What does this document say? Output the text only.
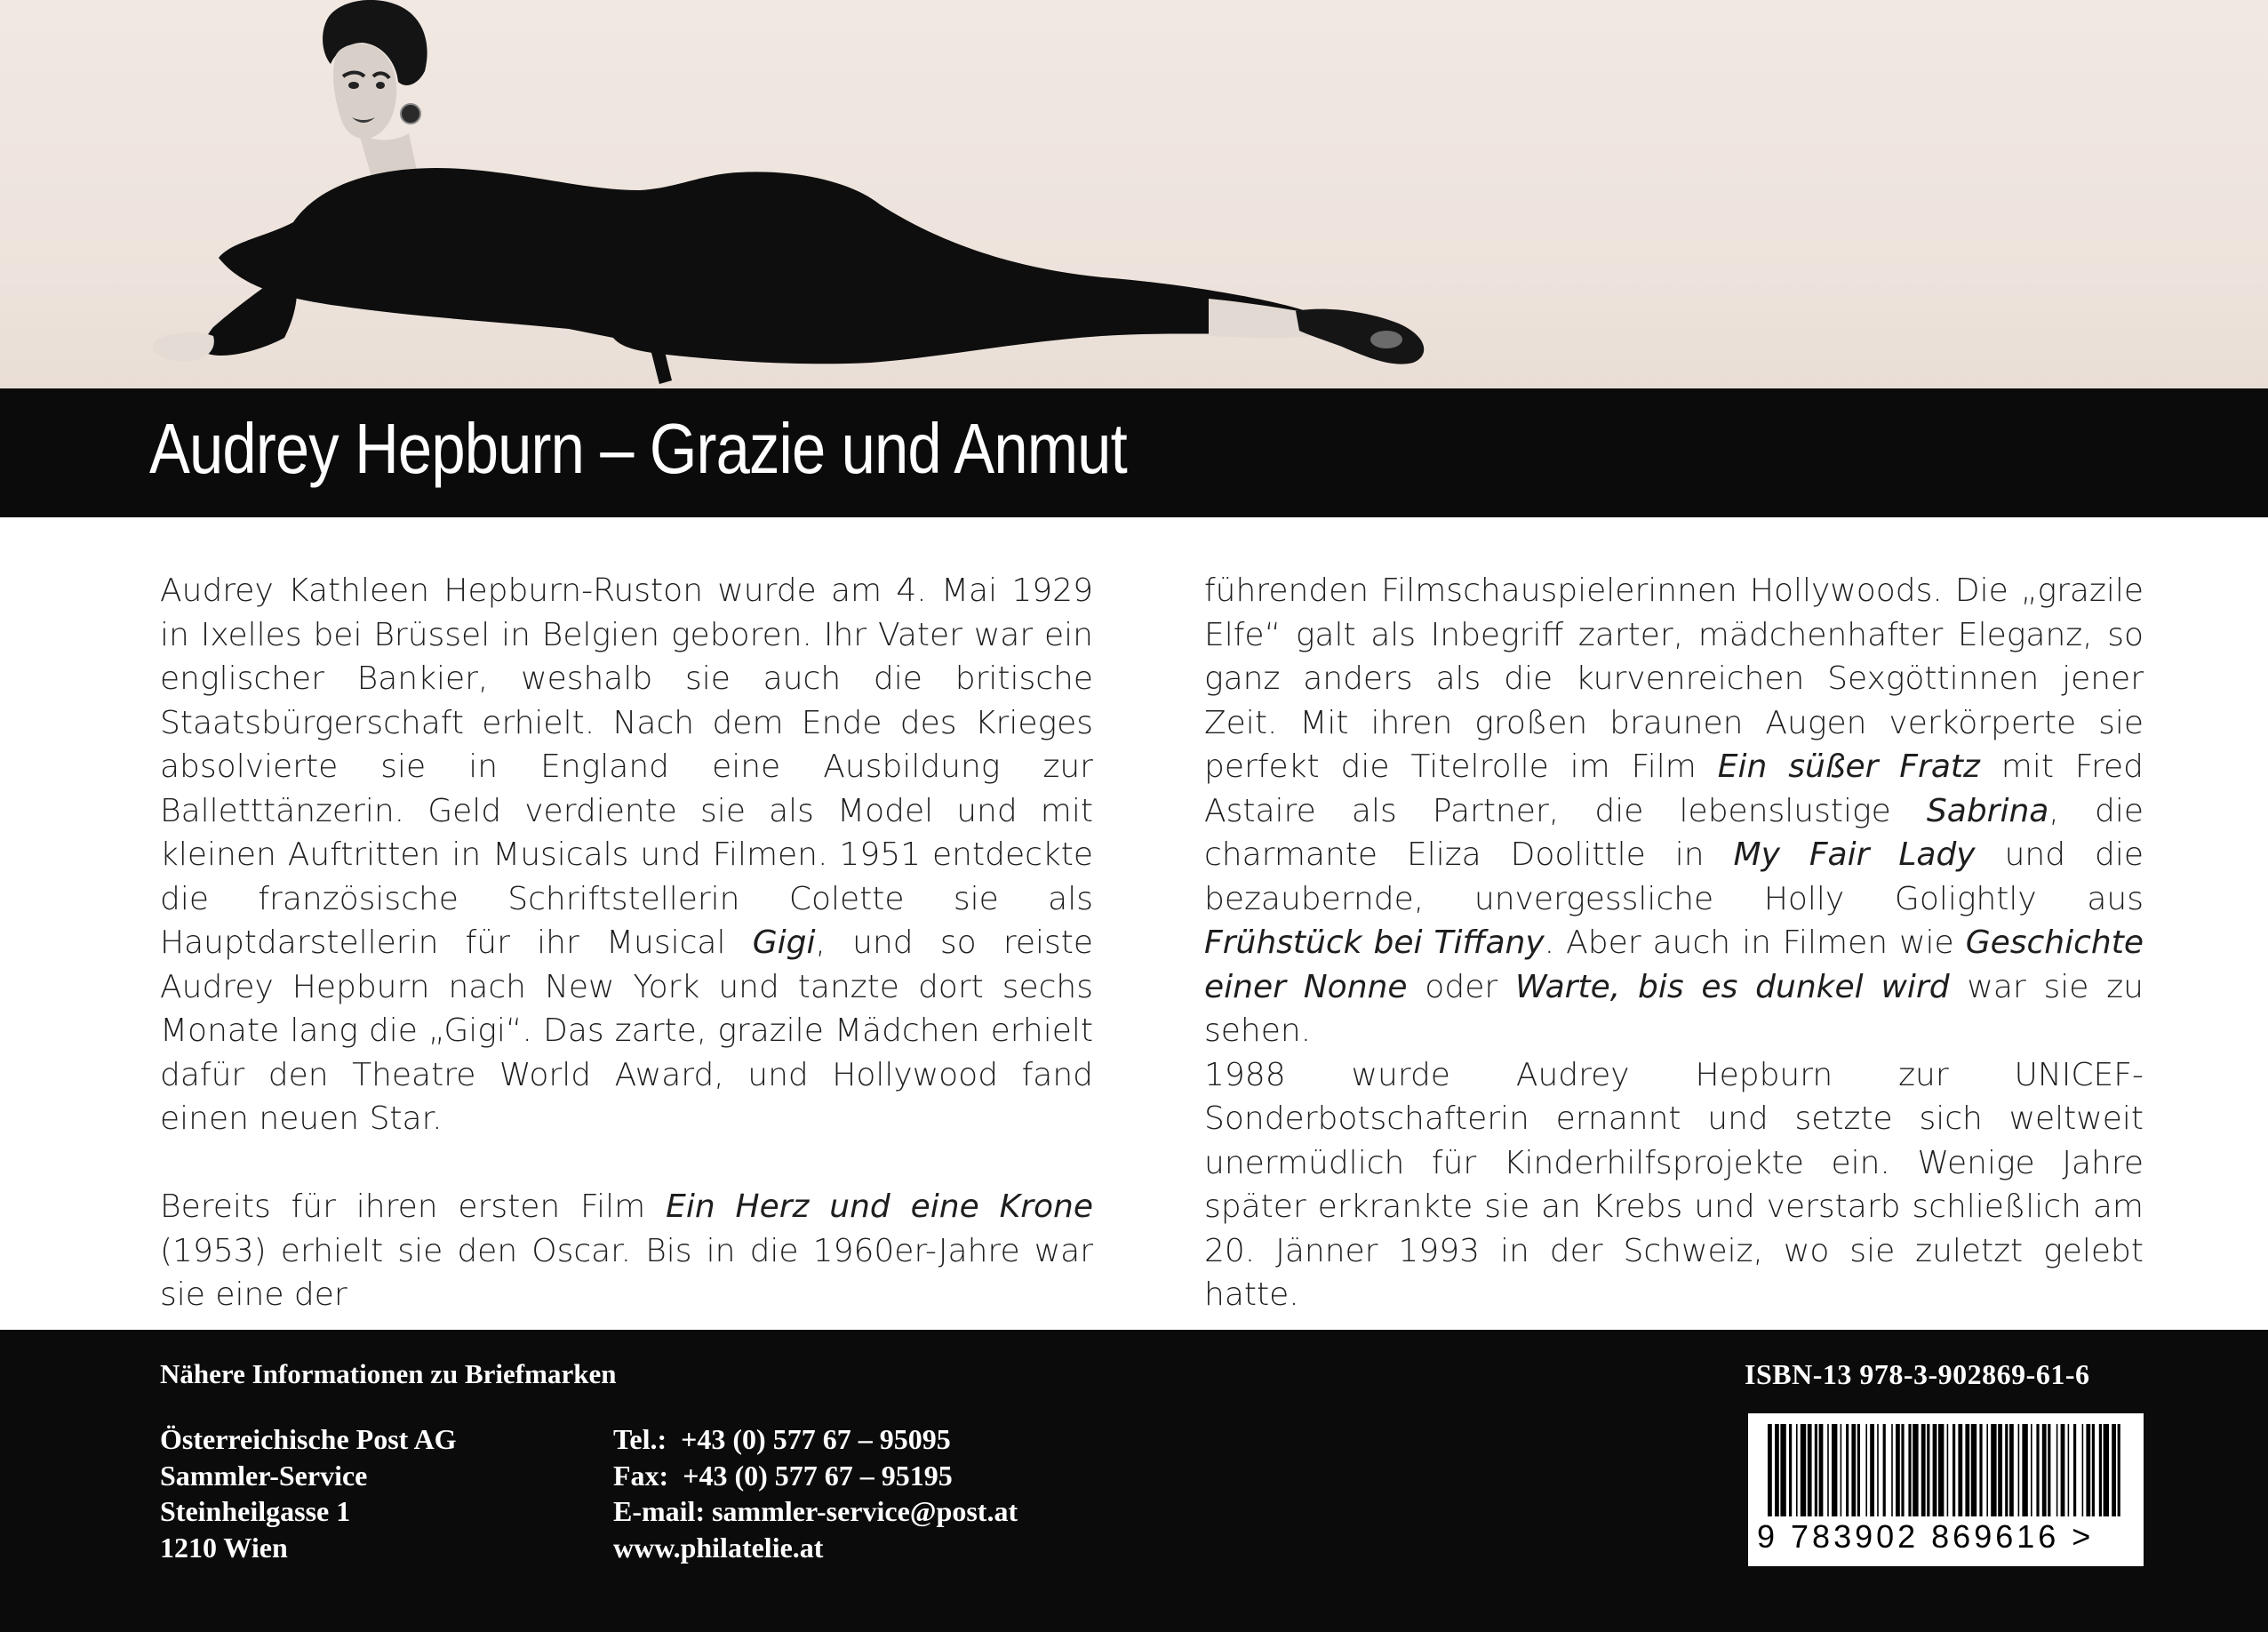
Audrey Hepburn – Grazie und Anmut

Audrey Kathleen Hepburn-Ruston wurde am 4. Mai 1929 in Ixelles bei Brüssel in Belgien geboren. Ihr Vater war ein englischer Bankier, weshalb sie auch die britische Staatsbürgerschaft erhielt. Nach dem Ende des Krieges absolvierte sie in England eine Ausbildung zur Balletttänzerin. Geld verdiente sie als Model und mit kleinen Auftritten in Musicals und Filmen. 1951 entdeckte die französische Schriftstellerin Colette sie als Hauptdarstellerin für ihr Musical Gigi, und so reiste Audrey Hepburn nach New York und tanzte dort sechs Monate lang die „Gigi“. Das zarte, grazile Mädchen erhielt dafür den Theatre World Award, und Hollywood fand einen neuen Star.

Bereits für ihren ersten Film Ein Herz und eine Krone (1953) erhielt sie den Oscar. Bis in die 1960er-Jahre war sie eine der

führenden Filmschauspielerinnen Hollywoods. Die „grazile Elfe“ galt als Inbegriff zarter, mädchenhafter Eleganz, so ganz anders als die kurvenreichen Sexgöttinnen jener Zeit. Mit ihren großen braunen Augen verkörperte sie perfekt die Titelrolle im Film Ein süßer Fratz mit Fred Astaire als Partner, die lebenslustige Sabrina, die charmante Eliza Doolittle in My Fair Lady und die bezaubernde, unvergessliche Holly Golightly aus Frühstück bei Tiffany. Aber auch in Filmen wie Geschichte einer Nonne oder Warte, bis es dunkel wird war sie zu sehen.

1988 wurde Audrey Hepburn zur UNICEF-Sonderbotschafterin ernannt und setzte sich weltweit unermüdlich für Kinderhilfsprojekte ein. Wenige Jahre später erkrankte sie an Krebs und verstarb schließlich am 20. Jänner 1993 in der Schweiz, wo sie zuletzt gelebt hatte.

Nähere Informationen zu Briefmarken
Österreichische Post AG
Sammler-Service
Steinheilgasse 1
1210 Wien
Tel.:  +43 (0) 577 67 – 95095
Fax:  +43 (0) 577 67 – 95195
E-mail: sammler-service@post.at
www.philatelie.at
ISBN-13 978-3-902869-61-6
9 783902 869616 >
